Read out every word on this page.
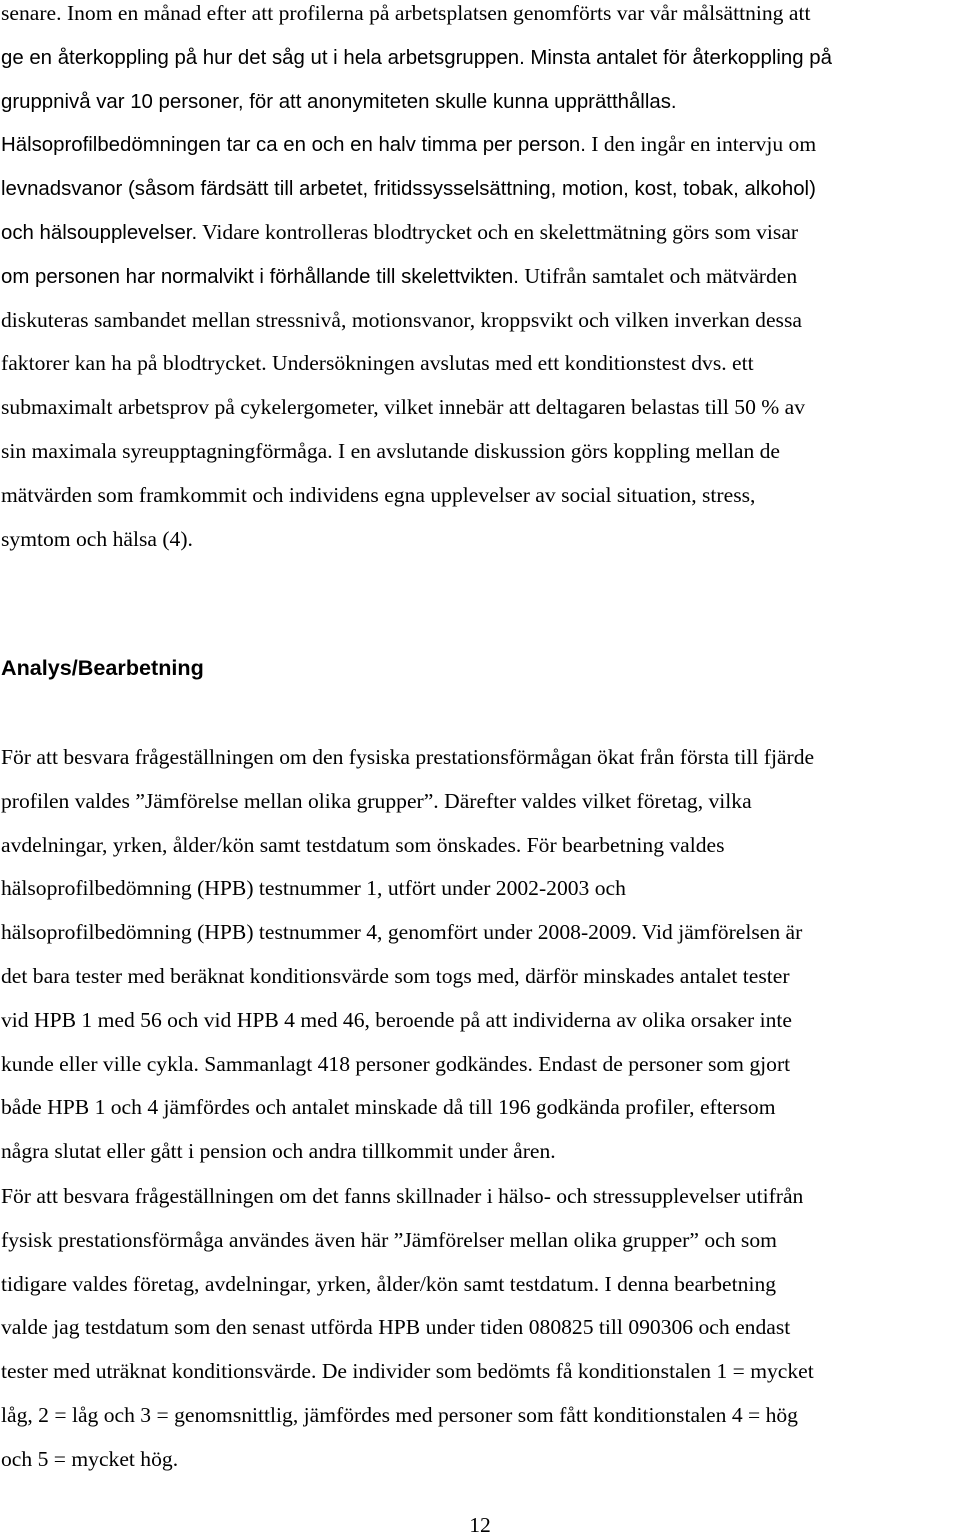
senare. Inom en månad efter att profilerna på arbetsplatsen genomförts var vår målsättning att
ge en återkoppling på hur det såg ut i hela arbetsgruppen. Minsta antalet för återkoppling på
gruppnivå var 10 personer, för att anonymiteten skulle kunna upprätthållas.
Hälsoprofilbedömningen tar ca en och en halv timma per person. I den ingår en intervju om
levnadsvanor (såsom färdsätt till arbetet, fritidssysselsättning, motion, kost, tobak, alkohol)
och hälsoupplevelser. Vidare kontrolleras blodtrycket och en skelettmätning görs som visar
om personen har normalvikt i förhållande till skelettvikten. Utifrån samtalet och mätvärden
diskuteras sambandet mellan stressnivå, motionsvanor, kroppsvikt och vilken inverkan dessa
faktorer kan ha på blodtrycket. Undersökningen avslutas med ett konditionstest dvs. ett
submaximalt arbetsprov på cykelergometer, vilket innebär att deltagaren belastas till 50 % av
sin maximala syreupptagningförmåga. I en avslutande diskussion görs koppling mellan de
mätvärden som framkommit och individens egna upplevelser av social situation, stress,
symtom och hälsa (4).
Analys/Bearbetning
För att besvara frågeställningen om den fysiska prestationsförmågan ökat från första till fjärde
profilen valdes ”Jämförelse mellan olika grupper”. Därefter valdes vilket företag, vilka
avdelningar, yrken, ålder/kön samt testdatum som önskades. För bearbetning valdes
hälsoprofilbedömning (HPB) testnummer 1, utfört under 2002-2003 och
hälsoprofilbedömning (HPB) testnummer 4, genomfört under 2008-2009. Vid jämförelsen är
det bara tester med beräknat konditionsvärde som togs med, därför minskades antalet tester
vid HPB 1 med 56 och vid HPB 4 med 46, beroende på att individerna av olika orsaker inte
kunde eller ville cykla. Sammanlagt 418 personer godkändes. Endast de personer som gjort
både HPB 1 och 4 jämfördes och antalet minskade då till 196 godkända profiler, eftersom
några slutat eller gått i pension och andra tillkommit under åren.
För att besvara frågeställningen om det fanns skillnader i hälso- och stressupplevelser utifrån
fysisk prestationsförmåga användes även här ”Jämförelser mellan olika grupper” och som
tidigare valdes företag, avdelningar, yrken, ålder/kön samt testdatum. I denna bearbetning
valde jag testdatum som den senast utförda HPB under tiden 080825 till 090306 och endast
tester med uträknat konditionsvärde. De individer som bedömts få konditionstalen 1 = mycket
låg, 2 = låg och 3 = genomsnittlig, jämfördes med personer som fått konditionstalen 4 = hög
och 5 = mycket hög.
12
